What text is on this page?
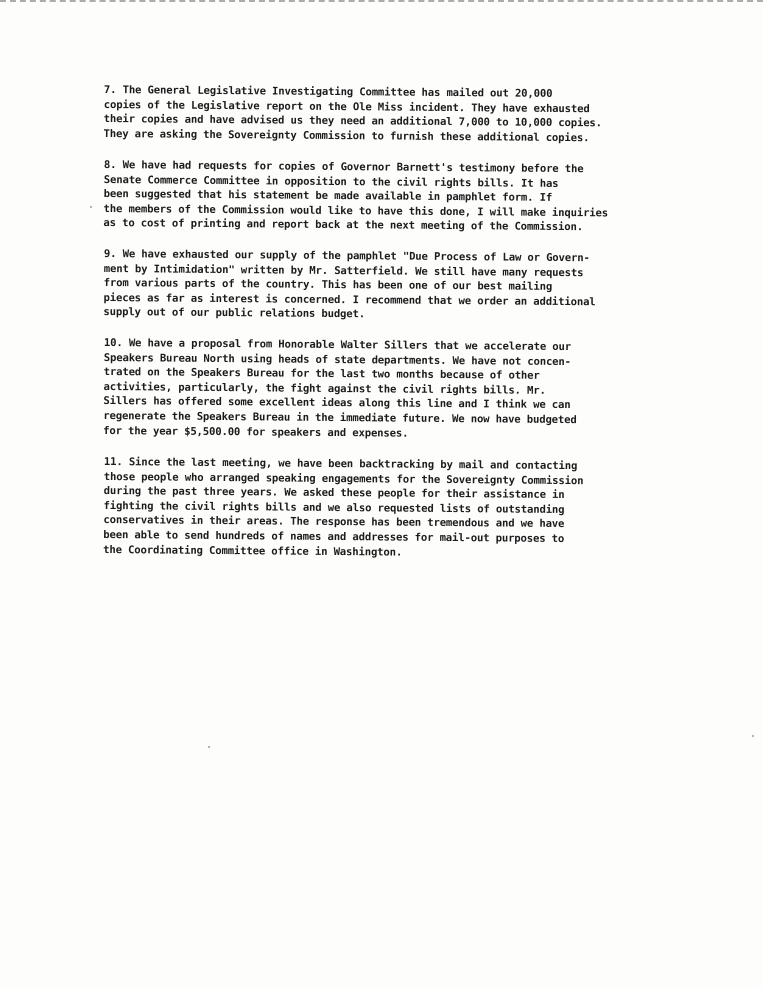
7. The General Legislative Investigating Committee has mailed out 20,000
copies of the Legislative report on the Ole Miss incident. They have exhausted
their copies and have advised us they need an additional 7,000 to 10,000 copies.
They are asking the Sovereignty Commission to furnish these additional copies.

8. We have had requests for copies of Governor Barnett's testimony before the
Senate Commerce Committee in opposition to the civil rights bills. It has
been suggested that his statement be made available in pamphlet form. If
the members of the Commission would like to have this done, I will make inquiries
as to cost of printing and report back at the next meeting of the Commission.

9. We have exhausted our supply of the pamphlet "Due Process of Law or Govern-
ment by Intimidation" written by Mr. Satterfield. We still have many requests
from various parts of the country. This has been one of our best mailing
pieces as far as interest is concerned. I recommend that we order an additional
supply out of our public relations budget.

10. We have a proposal from Honorable Walter Sillers that we accelerate our
Speakers Bureau North using heads of state departments. We have not concen-
trated on the Speakers Bureau for the last two months because of other
activities, particularly, the fight against the civil rights bills. Mr.
Sillers has offered some excellent ideas along this line and I think we can
regenerate the Speakers Bureau in the immediate future. We now have budgeted
for the year $5,500.00 for speakers and expenses.

11. Since the last meeting, we have been backtracking by mail and contacting
those people who arranged speaking engagements for the Sovereignty Commission
during the past three years. We asked these people for their assistance in
fighting the civil rights bills and we also requested lists of outstanding
conservatives in their areas. The response has been tremendous and we have
been able to send hundreds of names and addresses for mail-out purposes to
the Coordinating Committee office in Washington.
